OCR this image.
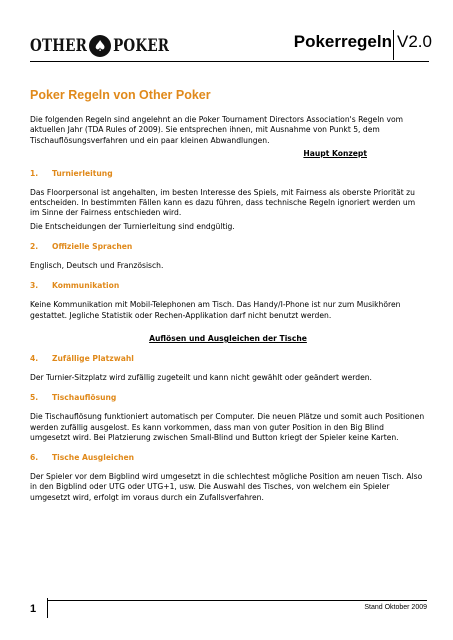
OTHER ♠ POKER	Pokerregeln V2.0
Poker Regeln von Other Poker

Die folgenden Regeln sind angelehnt an die Poker Tournament Directors Association's Regeln vom aktuellen Jahr (TDA Rules of 2009). Sie entsprechen ihnen, mit Ausnahme von Punkt 5, dem Tischauflösungsverfahren und ein paar kleinen Abwandlungen.

Haupt Konzept
1.	Turnierleitung

Das Floorpersonal ist angehalten, im besten Interesse des Spiels, mit Fairness als oberste Priorität zu entscheiden. In bestimmten Fällen kann es dazu führen, dass technische Regeln ignoriert werden um im Sinne der Fairness entschieden wird.

Die Entscheidungen der Turnierleitung sind endgültig.

2.	Offizielle Sprachen

Englisch, Deutsch und Französisch.

3.	Kommunikation

Keine Kommunikation mit Mobil-Telephonen am Tisch. Das Handy/I-Phone ist nur zum Musikhören gestattet. Jegliche Statistik oder Rechen-Applikation darf nicht benutzt werden.

Auflösen und Ausgleichen der Tische
4.	Zufällige Platzwahl

Der Turnier-Sitzplatz wird zufällig zugeteilt und kann nicht gewählt oder geändert werden.

5.	Tischauflösung

Die Tischauflösung funktioniert automatisch per Computer. Die neuen Plätze und somit auch Positionen werden zufällig ausgelost. Es kann vorkommen, dass man von guter Position in den Big Blind umgesetzt wird. Bei Platzierung zwischen Small-Blind und Button kriegt der Spieler keine Karten.

6.	Tische Ausgleichen

Der Spieler vor dem Bigblind wird umgesetzt in die schlechtest mögliche Position am neuen Tisch. Also in den Bigblind oder UTG oder UTG+1, usw. Die Auswahl des Tisches, von welchem ein Spieler umgesetzt wird, erfolgt im voraus durch ein Zufallsverfahren.

1	Stand Oktober 2009
